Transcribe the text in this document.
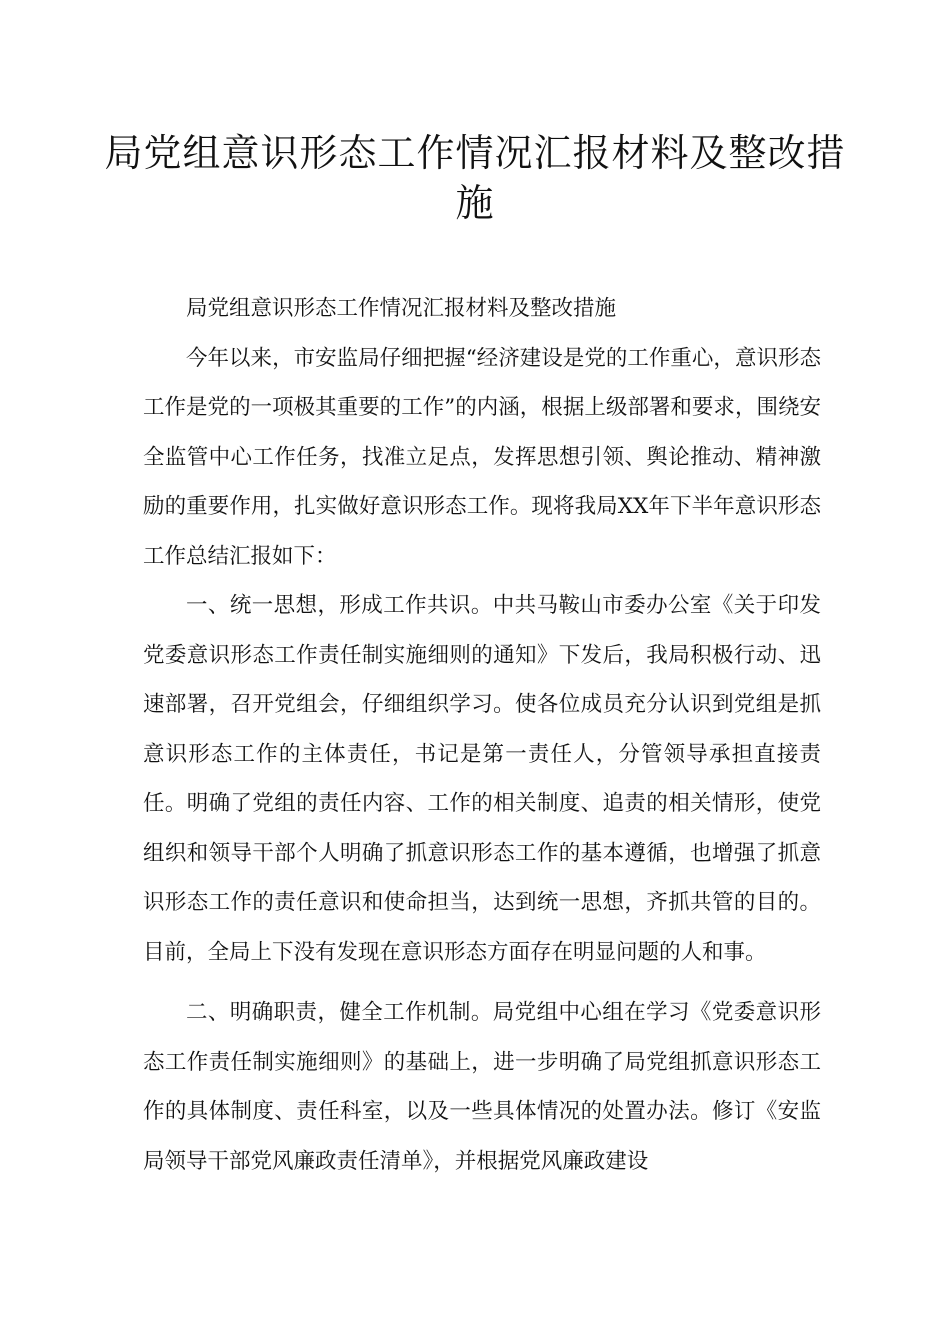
局党组意识形态工作情况汇报材料及整改措施

局党组意识形态工作情况汇报材料及整改措施

今年以来，市安监局仔细把握“经济建设是党的工作重心，意识形态工作是党的一项极其重要的工作”的内涵，根据上级部署和要求，围绕安全监管中心工作任务，找准立足点，发挥思想引领、舆论推动、精神激励的重要作用，扎实做好意识形态工作。现将我局XX年下半年意识形态工作总结汇报如下：

一、统一思想，形成工作共识。中共马鞍山市委办公室《关于印发党委意识形态工作责任制实施细则的通知》下发后，我局积极行动、迅速部署，召开党组会，仔细组织学习。使各位成员充分认识到党组是抓意识形态工作的主体责任，书记是第一责任人，分管领导承担直接责任。明确了党组的责任内容、工作的相关制度、追责的相关情形，使党组织和领导干部个人明确了抓意识形态工作的基本遵循，也增强了抓意识形态工作的责任意识和使命担当，达到统一思想，齐抓共管的目的。目前，全局上下没有发现在意识形态方面存在明显问题的人和事。

二、明确职责，健全工作机制。局党组中心组在学习《党委意识形态工作责任制实施细则》的基础上，进一步明确了局党组抓意识形态工作的具体制度、责任科室，以及一些具体情况的处置办法。修订《安监局领导干部党风廉政责任清单》，并根据党风廉政建设
